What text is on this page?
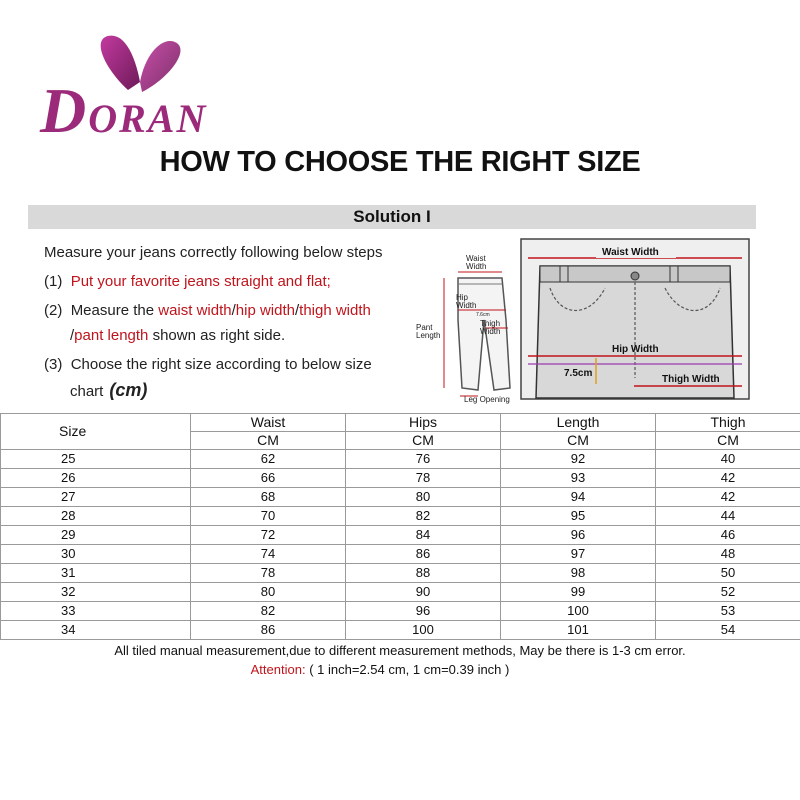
DORAN
HOW TO CHOOSE THE RIGHT SIZE
Solution I
Measure your jeans correctly following below steps
(1) Put your favorite jeans straight and flat;
(2) Measure the waist width/hip width/thigh width
/pant length shown as right side.
(3) Choose the right size according to below size
chart (cm)
Waist
Width
Hip
Width
Thigh
Width
Pant
Length
7.6cm
Leg Opening
Waist Width
Hip Width
7.5cm
Thigh Width
Size	Waist	Hips	Length	Thigh
	CM	CM	CM	CM
25	62	76	92	40
26	66	78	93	42
27	68	80	94	42
28	70	82	95	44
29	72	84	96	46
30	74	86	97	48
31	78	88	98	50
32	80	90	99	52
33	82	96	100	53
34	86	100	101	54
All tiled manual measurement,due to different measurement methods, May be there is 1-3 cm error.
Attention: ( 1 inch=2.54 cm, 1 cm=0.39 inch )
